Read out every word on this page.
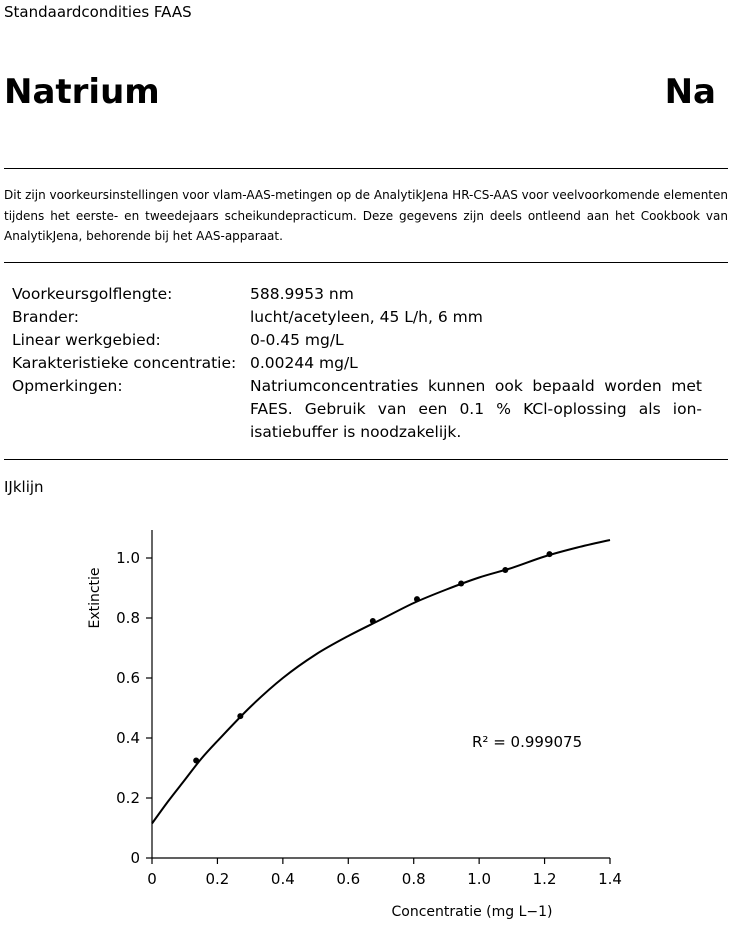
Standaardcondities FAAS
Natrium	Na
Dit zijn voorkeursinstellingen voor vlam-AAS-metingen op de AnalytikJena HR-CS-AAS voor veelvoorkomende elementen tijdens het eerste- en tweedejaars scheikundepracticum. Deze gegevens zijn deels ontleend aan het Cookbook van AnalytikJena, behorende bij het AAS-apparaat.
Voorkeursgolflengte:	588.9953 nm
Brander:	lucht/acetyleen, 45 L/h, 6 mm
Linear werkgebied:	0-0.45 mg/L
Karakteristieke concentratie: 0.00244 mg/L
Opmerkingen:	Natriumconcentraties kunnen ook bepaald worden met FAES. Gebruik van een 0.1 % KCl-oplossing als ionisatiebuffer is noodzakelijk.
IJklijn
0	0.2	0.4	0.6	0.8	1.0	1.2	1.4
0
0.2
0.4
0.6
0.8
1.0
Extinctie
Concentratie (mg L−1)
R² = 0.999075
